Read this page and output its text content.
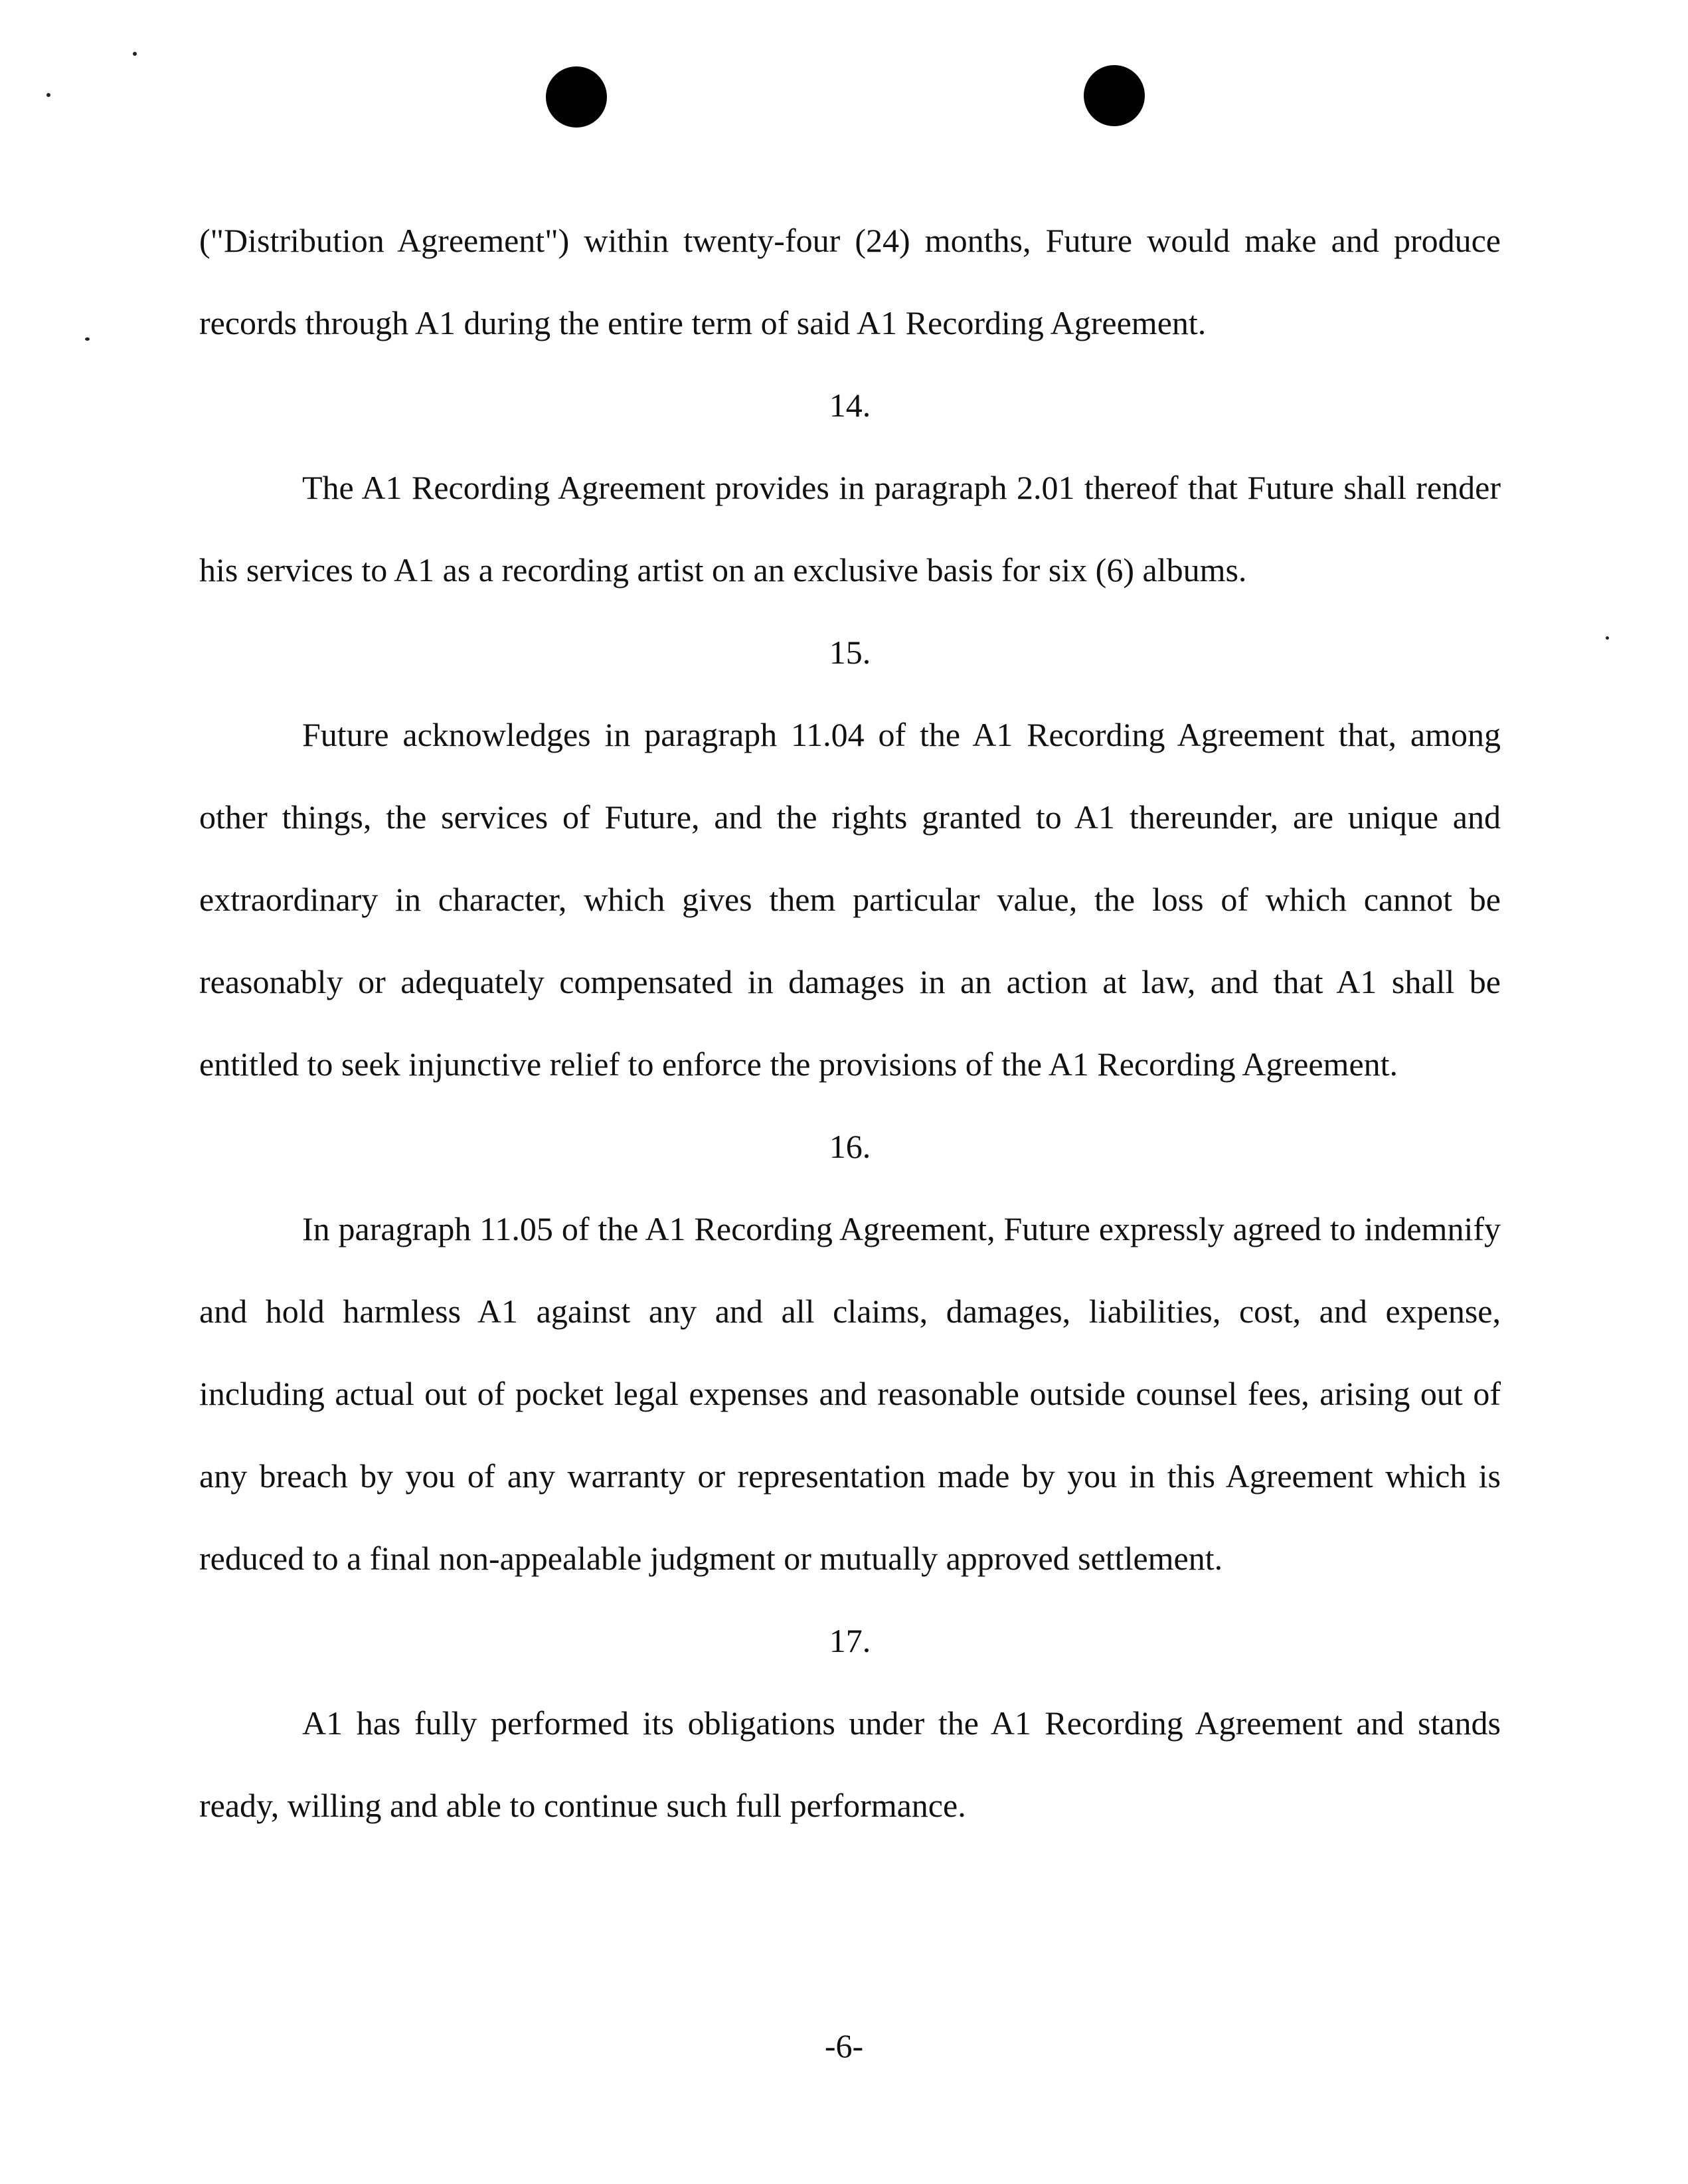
("Distribution Agreement") within twenty-four (24) months, Future would make and produce records through A1 during the entire term of said A1 Recording Agreement.

14.

The A1 Recording Agreement provides in paragraph 2.01 thereof that Future shall render his services to A1 as a recording artist on an exclusive basis for six (6) albums.

15.

Future acknowledges in paragraph 11.04 of the A1 Recording Agreement that, among other things, the services of Future, and the rights granted to A1 thereunder, are unique and extraordinary in character, which gives them particular value, the loss of which cannot be reasonably or adequately compensated in damages in an action at law, and that A1 shall be entitled to seek injunctive relief to enforce the provisions of the A1 Recording Agreement.

16.

In paragraph 11.05 of the A1 Recording Agreement, Future expressly agreed to indemnify and hold harmless A1 against any and all claims, damages, liabilities, cost, and expense, including actual out of pocket legal expenses and reasonable outside counsel fees, arising out of any breach by you of any warranty or representation made by you in this Agreement which is reduced to a final non-appealable judgment or mutually approved settlement.

17.

A1 has fully performed its obligations under the A1 Recording Agreement and stands ready, willing and able to continue such full performance.

-6-
